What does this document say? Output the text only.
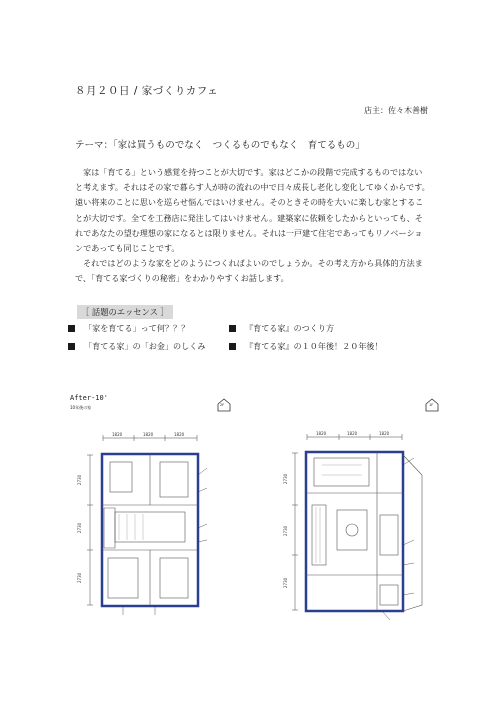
８月２０日 / 家づくりカフェ
店主：佐々木善樹
テーマ：「家は買うものでなく　つくるものでもなく　育てるもの」

家は「育てる」という感覚を持つことが大切です。家はどこかの段階で完成するものではないと考えます。それはその家で暮らす人が時の流れの中で日々成長し老化し変化してゆくからです。遠い将来のことに思いを巡らせ悩んではいけません。そのときその時を大いに楽しむ家とすることが大切です。全てを工務店に発注してはいけません。建築家に依頼をしたからといっても、それであなたの望む理想の家になるとは限りません。それは一戸建て住宅であってもリノベーションであっても同じことです。

それではどのような家をどのようにつくればよいのでしょうか。その考え方から具体的方法まで、「育てる家づくりの秘密」をわかりやすくお話します。

［ 話題のエッセンス ］
「家を育てる」って何？？？	『育てる家』のつくり方
「育てる家」の「お金」のしくみ	『育てる家』の１０年後！２０年後！
After-10'
10年後の家	2F	1F
1820	1820	1820
2730
2730
2730
1820	1820	1820
2730
2730
2730
